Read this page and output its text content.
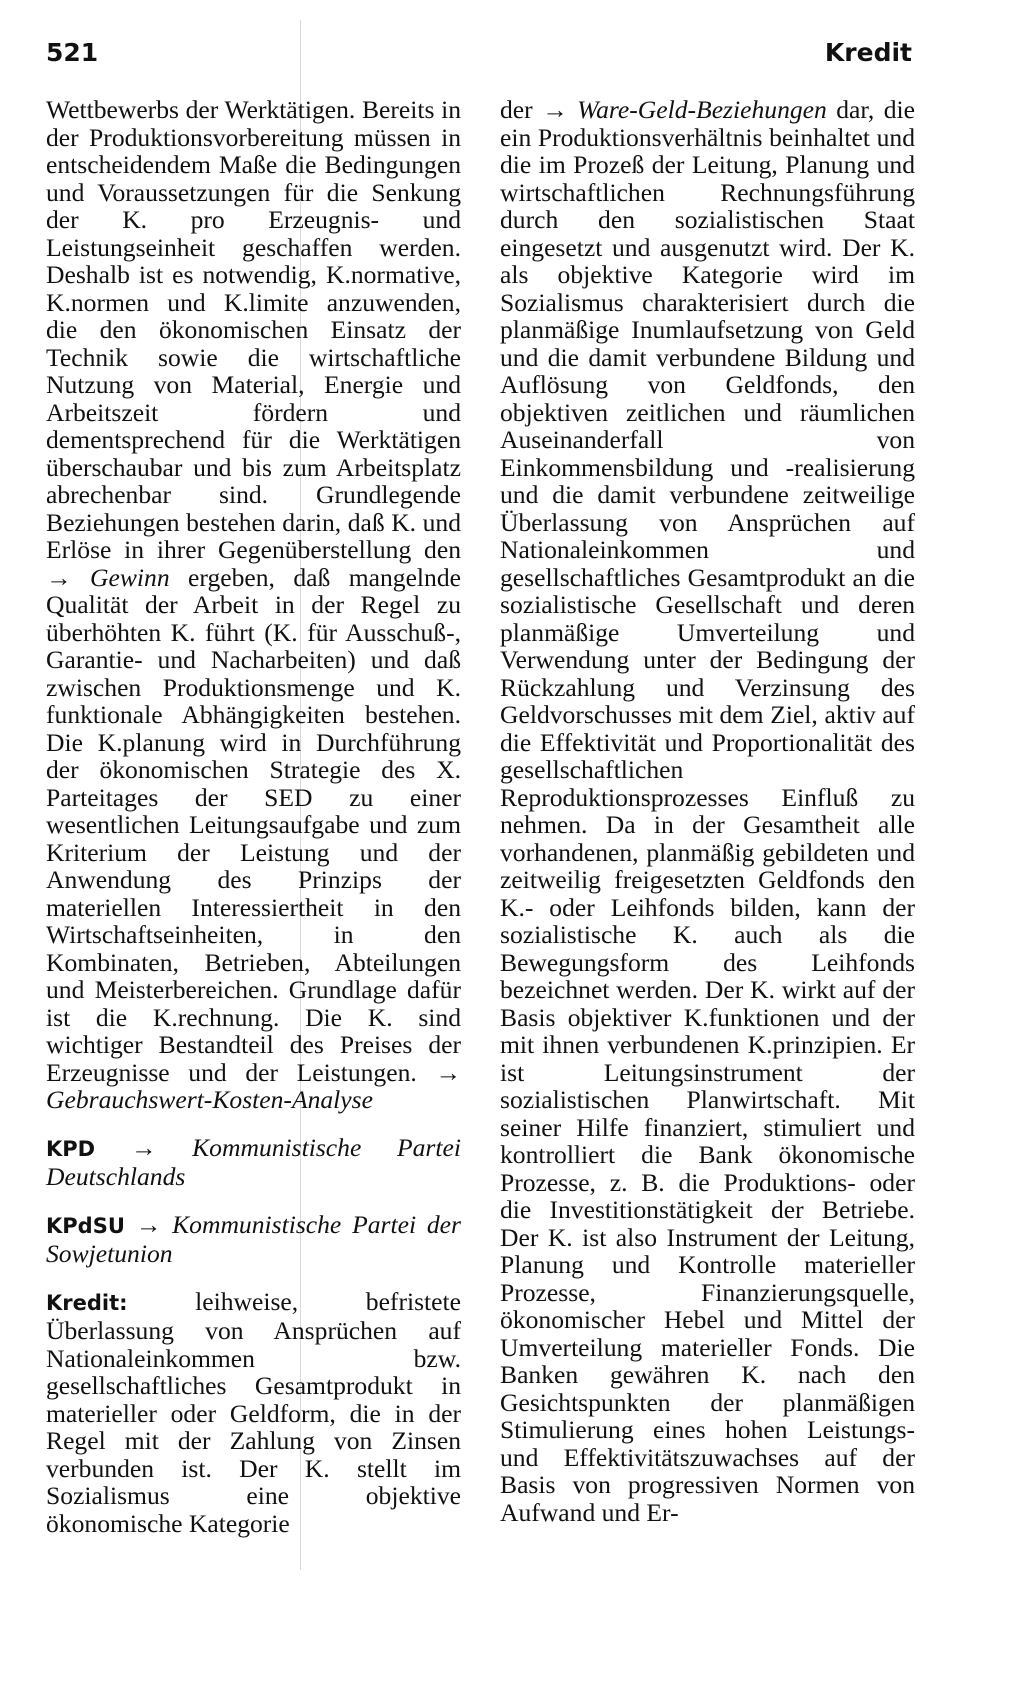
521	Kredit

Wettbewerbs der Werktätigen. Bereits in der Produktionsvorbereitung müssen in entscheidendem Maße die Bedingungen und Voraussetzungen für die Senkung der K. pro Erzeugnis- und Leistungseinheit geschaffen werden. Deshalb ist es notwendig, K.normative, K.normen und K.limite anzuwenden, die den ökonomischen Einsatz der Technik sowie die wirtschaftliche Nutzung von Material, Energie und Arbeitszeit fördern und dementsprechend für die Werktätigen überschaubar und bis zum Arbeitsplatz abrechenbar sind. Grundlegende Beziehungen bestehen darin, daß K. und Erlöse in ihrer Gegenüberstellung den → Gewinn ergeben, daß mangelnde Qualität der Arbeit in der Regel zu überhöhten K. führt (K. für Ausschuß-, Garantie- und Nacharbeiten) und daß zwischen Produktionsmenge und K. funktionale Abhängigkeiten bestehen. Die K.planung wird in Durchführung der ökonomischen Strategie des X. Parteitages der SED zu einer wesentlichen Leitungsaufgabe und zum Kriterium der Leistung und der Anwendung des Prinzips der materiellen Interessiertheit in den Wirtschaftseinheiten, in den Kombinaten, Betrieben, Abteilungen und Meisterbereichen. Grundlage dafür ist die K.rechnung. Die K. sind wichtiger Bestandteil des Preises der Erzeugnisse und der Leistungen. → Gebrauchswert-Kosten-Analyse

KPD → Kommunistische Partei Deutschlands

KPdSU → Kommunistische Partei der Sowjetunion

Kredit:	leihweise, befristete Überlassung von Ansprüchen auf Nationaleinkommen bzw. gesellschaftliches Gesamtprodukt in materieller oder Geldform, die in der Regel mit der Zahlung von Zinsen verbunden ist. Der K. stellt im Sozialismus eine objektive ökonomische Kategorie

der → Ware-Geld-Beziehungen dar, die ein Produktionsverhältnis beinhaltet und die im Prozeß der Leitung, Planung und wirtschaftlichen Rechnungsführung durch den sozialistischen Staat eingesetzt und ausgenutzt wird. Der K. als objektive Kategorie wird im Sozialismus charakterisiert durch die planmäßige Inumlaufsetzung von Geld und die damit verbundene Bildung und Auflösung von Geldfonds, den objektiven zeitlichen und räumlichen Auseinanderfall von Einkommensbildung und -realisierung und die damit verbundene zeitweilige Überlassung von Ansprüchen auf Nationaleinkommen und gesellschaftliches Gesamtprodukt an die sozialistische Gesellschaft und deren planmäßige Umverteilung und Verwendung unter der Bedingung der Rückzahlung und Verzinsung des Geldvorschusses mit dem Ziel, aktiv auf die Effektivität und Proportionalität des gesellschaftlichen Reproduktionsprozesses Einfluß zu nehmen. Da in der Gesamtheit alle vorhandenen, planmäßig gebildeten und zeitweilig freigesetzten Geldfonds den K.- oder Leihfonds bilden, kann der sozialistische K. auch als die Bewegungsform des Leihfonds bezeichnet werden. Der K. wirkt auf der Basis objektiver K.funktionen und der mit ihnen verbundenen K.prinzipien. Er ist Leitungsinstrument der sozialistischen Planwirtschaft. Mit seiner Hilfe finanziert, stimuliert und kontrolliert die Bank ökonomische Prozesse, z. B. die Produktions- oder die Investitionstätigkeit der Betriebe. Der K. ist also Instrument der Leitung, Planung und Kontrolle materieller Prozesse, Finanzierungsquelle, ökonomischer Hebel und Mittel der Umverteilung materieller Fonds. Die Banken gewähren K. nach den Gesichtspunkten der planmäßigen Stimulierung eines hohen Leistungs- und Effektivitätszuwachses auf der Basis von progressiven Normen von Aufwand und Er-
